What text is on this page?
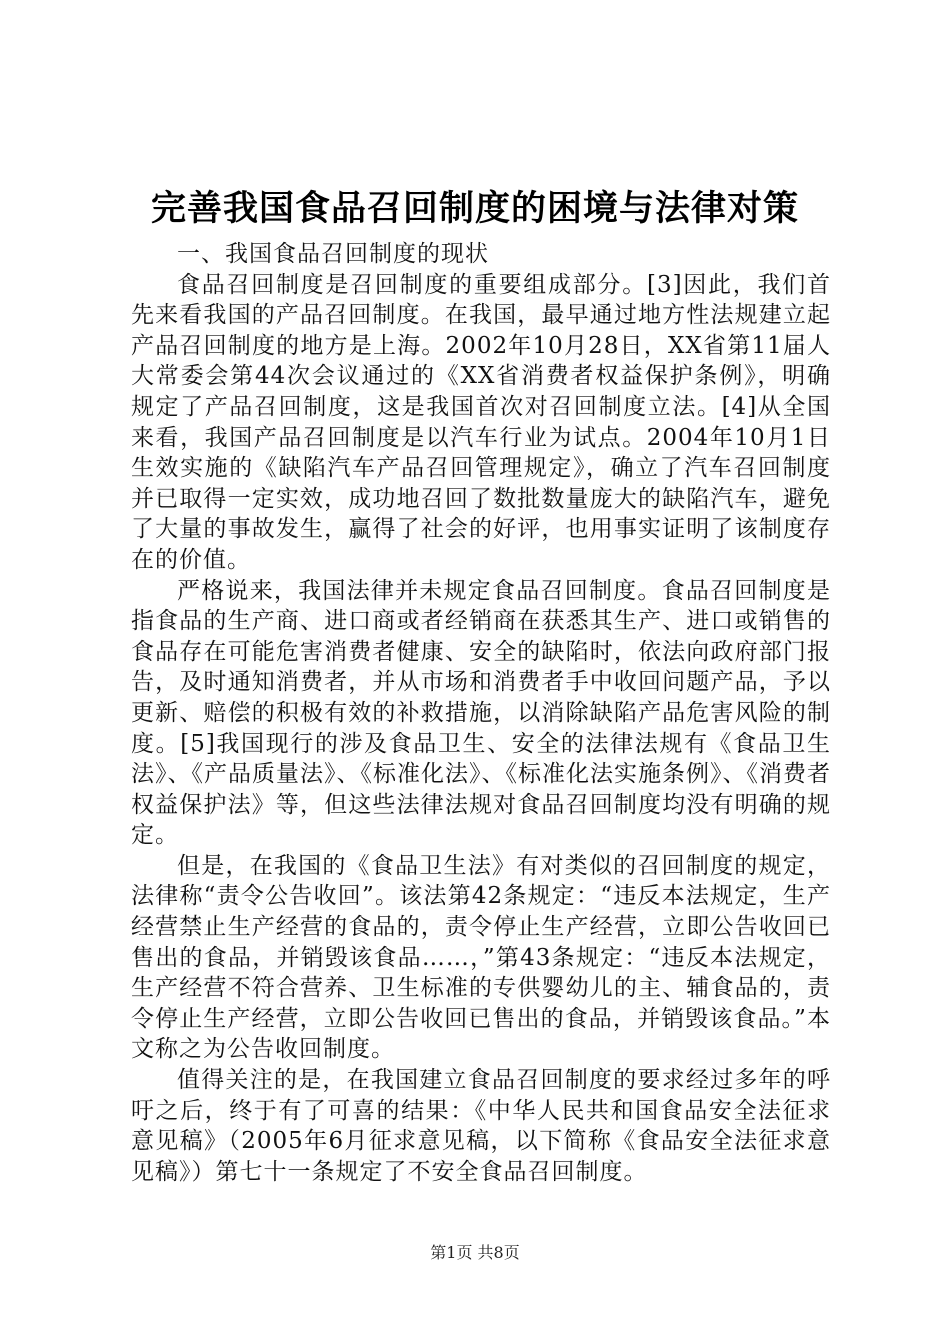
完善我国食品召回制度的困境与法律对策

一、我国食品召回制度的现状

食品召回制度是召回制度的重要组成部分。[3]因此，我们首先来看我国的产品召回制度。在我国，最早通过地方性法规建立起产品召回制度的地方是上海。2002年10月28日，XX省第11届人大常委会第44次会议通过的《XX省消费者权益保护条例》，明确规定了产品召回制度，这是我国首次对召回制度立法。[4]从全国来看，我国产品召回制度是以汽车行业为试点。2004年10月1日生效实施的《缺陷汽车产品召回管理规定》，确立了汽车召回制度并已取得一定实效，成功地召回了数批数量庞大的缺陷汽车，避免了大量的事故发生，赢得了社会的好评，也用事实证明了该制度存在的价值。

严格说来，我国法律并未规定食品召回制度。食品召回制度是指食品的生产商、进口商或者经销商在获悉其生产、进口或销售的食品存在可能危害消费者健康、安全的缺陷时，依法向政府部门报告，及时通知消费者，并从市场和消费者手中收回问题产品，予以更新、赔偿的积极有效的补救措施，以消除缺陷产品危害风险的制度。[5]我国现行的涉及食品卫生、安全的法律法规有《食品卫生法》、《产品质量法》、《标准化法》、《标准化法实施条例》、《消费者权益保护法》等，但这些法律法规对食品召回制度均没有明确的规定。

但是，在我国的《食品卫生法》有对类似的召回制度的规定，法律称“责令公告收回”。该法第42条规定：“违反本法规定，生产经营禁止生产经营的食品的，责令停止生产经营，立即公告收回已售出的食品，并销毁该食品……，”第43条规定：“违反本法规定，生产经营不符合营养、卫生标准的专供婴幼儿的主、辅食品的，责令停止生产经营，立即公告收回已售出的食品，并销毁该食品。”本文称之为公告收回制度。

值得关注的是，在我国建立食品召回制度的要求经过多年的呼吁之后，终于有了可喜的结果：《中华人民共和国食品安全法征求意见稿》（2005年6月征求意见稿，以下简称《食品安全法征求意见稿》）第七十一条规定了不安全食品召回制度。

第1页 共8页
